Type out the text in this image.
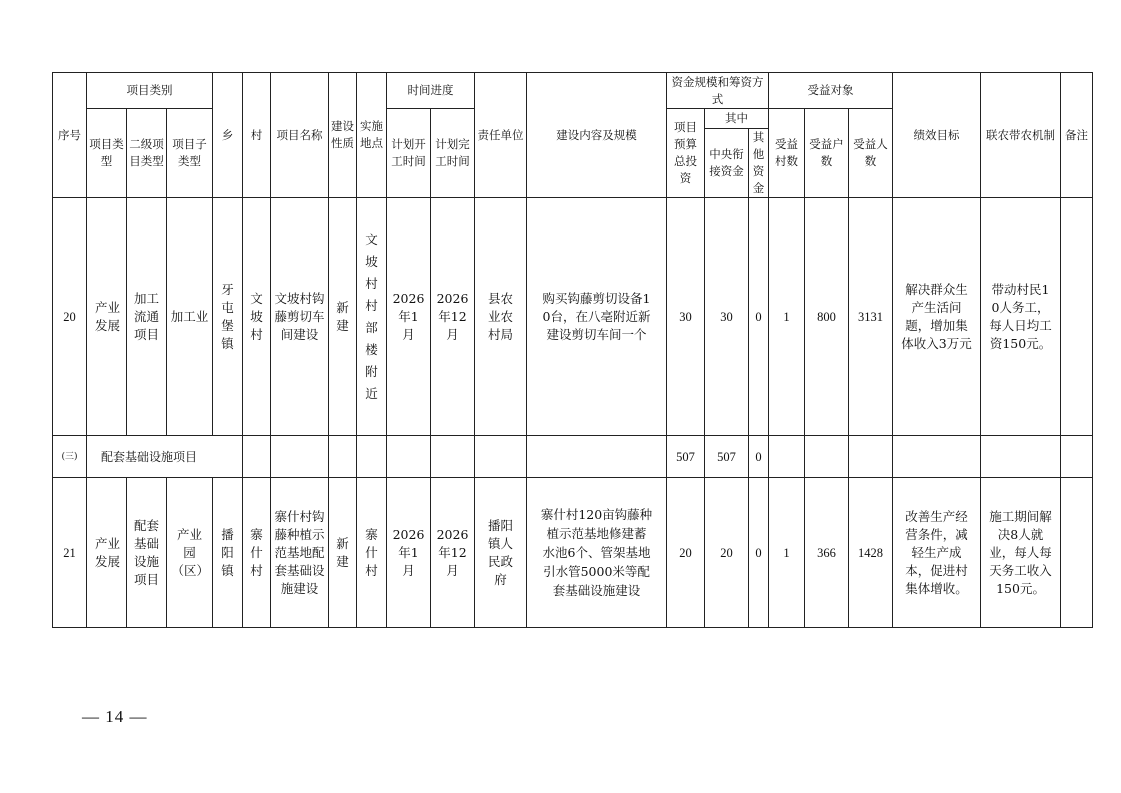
序号	项目类别			乡	村	项目名称	建设性质	实施地点	时间进度		责任单位	建设内容及规模	资金规模和筹资方式			受益对象			绩效目标	联农带农机制	备注
	项目类型	二级项目类型	项目子类型						计划开工时间	计划完工时间			项目预算总投资	其中		受益村数	受益户数	受益人数			
														中央衔接资金	其他资金						
20	产业发展	加工流通项目	加工业	牙屯堡镇	文坡村	文坡村钩藤剪切车间建设	新建	文坡村村部楼附近	2026年1月	2026年12月	县农业农村局	购买钩藤剪切设备10台，在八亳附近新建设剪切车间一个	30	30	0	1	800	3131	解决群众生产生活问题，增加集体收入3万元	带动村民10人务工，每人日均工资150元。	
(三)	配套基础设施项目												507	507	0						
21	产业发展	配套基础设施项目	产业园（区）	播阳镇	寨什村	寨什村钩藤种植示范基地配套基础设施建设	新建	寨什村	2026年1月	2026年12月	播阳镇人民政府	寨什村120亩钩藤种植示范基地修建蓄水池6个、管架基地引水管5000米等配套基础设施建设	20	20	0	1	366	1428	改善生产经营条件，减轻生产成本，促进村集体增收。	施工期间解决8人就业，每人每天务工收入150元。	
— 14 —
